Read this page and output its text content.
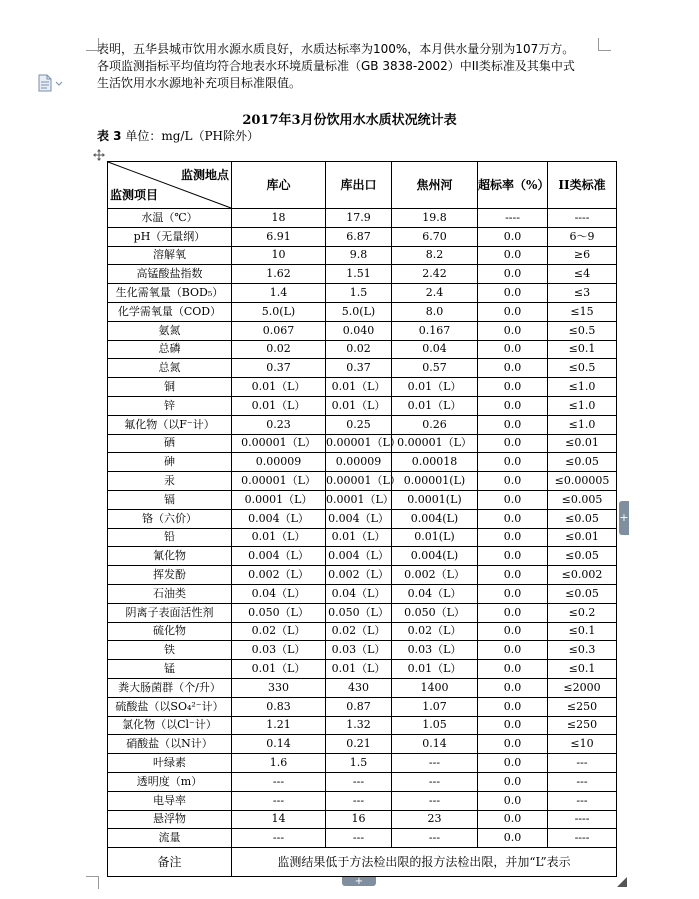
表明，五华县城市饮用水源水质良好，水质达标率为100%，本月供水量分别为107万方。
各项监测指标平均值均符合地表水环境质量标准（GB 3838-2002）中II类标准及其集中式
生活饮用水水源地补充项目标准限值。
2017年3月份饮用水水质状况统计表
表 3 单位：mg/L（PH除外）
监测地点
监测项目	库心	库出口	焦州河	超标率（%）	II类标准
水温（℃）	18	17.9	19.8	----	----
pH（无量纲）	6.91	6.87	6.70	0.0	6～9
溶解氧	10	9.8	8.2	0.0	≥6
高锰酸盐指数	1.62	1.51	2.42	0.0	≤4
生化需氧量（BOD₅）	1.4	1.5	2.4	0.0	≤3
化学需氧量（COD）	5.0(L)	5.0(L)	8.0	0.0	≤15
氨氮	0.067	0.040	0.167	0.0	≤0.5
总磷	0.02	0.02	0.04	0.0	≤0.1
总氮	0.37	0.37	0.57	0.0	≤0.5
铜	0.01（L）	0.01（L）	0.01（L）	0.0	≤1.0
锌	0.01（L）	0.01（L）	0.01（L）	0.0	≤1.0
氟化物（以F⁻计）	0.23	0.25	0.26	0.0	≤1.0
硒	0.00001（L）	0.00001（L）	0.00001（L）	0.0	≤0.01
砷	0.00009	0.00009	0.00018	0.0	≤0.05
汞	0.00001（L）	0.00001（L）	0.00001(L)	0.0	≤0.00005
镉	0.0001（L）	0.0001（L）	0.0001(L)	0.0	≤0.005
铬（六价）	0.004（L）	0.004（L）	0.004(L)	0.0	≤0.05
铅	0.01（L）	0.01（L）	0.01(L)	0.0	≤0.01
氰化物	0.004（L）	0.004（L）	0.004(L)	0.0	≤0.05
挥发酚	0.002（L）	0.002（L）	0.002（L）	0.0	≤0.002
石油类	0.04（L）	0.04（L）	0.04（L）	0.0	≤0.05
阴离子表面活性剂	0.050（L）	0.050（L）	0.050（L）	0.0	≤0.2
硫化物	0.02（L）	0.02（L）	0.02（L）	0.0	≤0.1
铁	0.03（L）	0.03（L）	0.03（L）	0.0	≤0.3
锰	0.01（L）	0.01（L）	0.01（L）	0.0	≤0.1
粪大肠菌群（个/升）	330	430	1400	0.0	≤2000
硫酸盐（以SO₄²⁻计）	0.83	0.87	1.07	0.0	≤250
氯化物（以Cl⁻计）	1.21	1.32	1.05	0.0	≤250
硝酸盐（以N计）	0.14	0.21	0.14	0.0	≤10
叶绿素	1.6	1.5	---	0.0	---
透明度（m）	---	---	---	0.0	---
电导率	---	---	---	0.0	---
悬浮物	14	16	23	0.0	----
流量	---	---	---	0.0	----
备注	监测结果低于方法检出限的报方法检出限，并加“L”表示				
+
+
